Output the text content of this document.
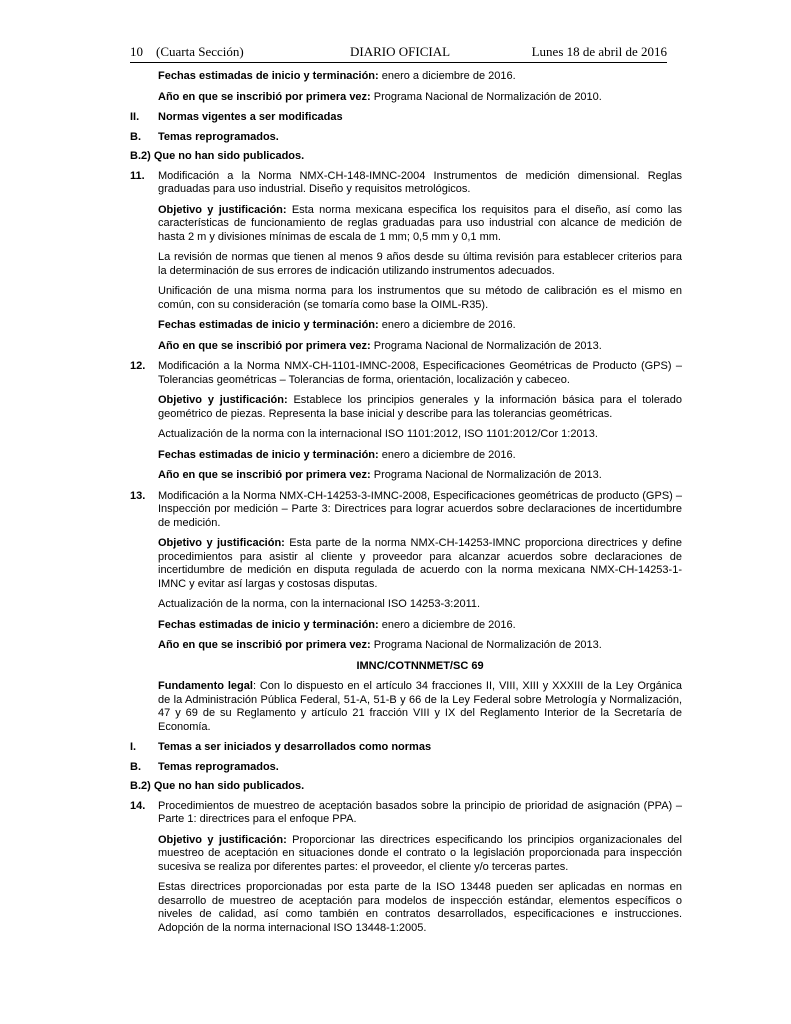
10 (Cuarta Sección)	DIARIO OFICIAL	Lunes 18 de abril de 2016

Fechas estimadas de inicio y terminación: enero a diciembre de 2016.

Año en que se inscribió por primera vez: Programa Nacional de Normalización de 2010.

II. Normas vigentes a ser modificadas
B. Temas reprogramados.
B.2) Que no han sido publicados.
11. Modificación a la Norma NMX-CH-148-IMNC-2004 Instrumentos de medición dimensional. Reglas graduadas para uso industrial. Diseño y requisitos metrológicos.

Objetivo y justificación: Esta norma mexicana especifica los requisitos para el diseño, así como las características de funcionamiento de reglas graduadas para uso industrial con alcance de medición de hasta 2 m y divisiones mínimas de escala de 1 mm; 0,5 mm y 0,1 mm.

La revisión de normas que tienen al menos 9 años desde su última revisión para establecer criterios para la determinación de sus errores de indicación utilizando instrumentos adecuados.

Unificación de una misma norma para los instrumentos que su método de calibración es el mismo en común, con su consideración (se tomaría como base la OIML-R35).

Fechas estimadas de inicio y terminación: enero a diciembre de 2016.

Año en que se inscribió por primera vez: Programa Nacional de Normalización de 2013.

12. Modificación a la Norma NMX-CH-1101-IMNC-2008, Especificaciones Geométricas de Producto (GPS) – Tolerancias geométricas – Tolerancias de forma, orientación, localización y cabeceo.

Objetivo y justificación: Establece los principios generales y la información básica para el tolerado geométrico de piezas. Representa la base inicial y describe para las tolerancias geométricas.

Actualización de la norma con la internacional ISO 1101:2012, ISO 1101:2012/Cor 1:2013.

Fechas estimadas de inicio y terminación: enero a diciembre de 2016.

Año en que se inscribió por primera vez: Programa Nacional de Normalización de 2013.

13. Modificación a la Norma NMX-CH-14253-3-IMNC-2008, Especificaciones geométricas de producto (GPS) – Inspección por medición – Parte 3: Directrices para lograr acuerdos sobre declaraciones de incertidumbre de medición.

Objetivo y justificación: Esta parte de la norma NMX-CH-14253-IMNC proporciona directrices y define procedimientos para asistir al cliente y proveedor para alcanzar acuerdos sobre declaraciones de incertidumbre de medición en disputa regulada de acuerdo con la norma mexicana NMX-CH-14253-1-IMNC y evitar así largas y costosas disputas.

Actualización de la norma, con la internacional ISO 14253-3:2011.

Fechas estimadas de inicio y terminación: enero a diciembre de 2016.

Año en que se inscribió por primera vez: Programa Nacional de Normalización de 2013.

IMNC/COTNNMET/SC 69

Fundamento legal: Con lo dispuesto en el artículo 34 fracciones II, VIII, XIII y XXXIII de la Ley Orgánica de la Administración Pública Federal, 51-A, 51-B y 66 de la Ley Federal sobre Metrología y Normalización, 47 y 69 de su Reglamento y artículo 21 fracción VIII y IX del Reglamento Interior de la Secretaría de Economía.

I. Temas a ser iniciados y desarrollados como normas
B. Temas reprogramados.
B.2) Que no han sido publicados.
14. Procedimientos de muestreo de aceptación basados sobre la principio de prioridad de asignación (PPA) – Parte 1: directrices para el enfoque PPA.

Objetivo y justificación: Proporcionar las directrices especificando los principios organizacionales del muestreo de aceptación en situaciones donde el contrato o la legislación proporcionada para inspección sucesiva se realiza por diferentes partes: el proveedor, el cliente y/o terceras partes.

Estas directrices proporcionadas por esta parte de la ISO 13448 pueden ser aplicadas en normas en desarrollo de muestreo de aceptación para modelos de inspección estándar, elementos específicos o niveles de calidad, así como también en contratos desarrollados, especificaciones e instrucciones. Adopción de la norma internacional ISO 13448-1:2005.
